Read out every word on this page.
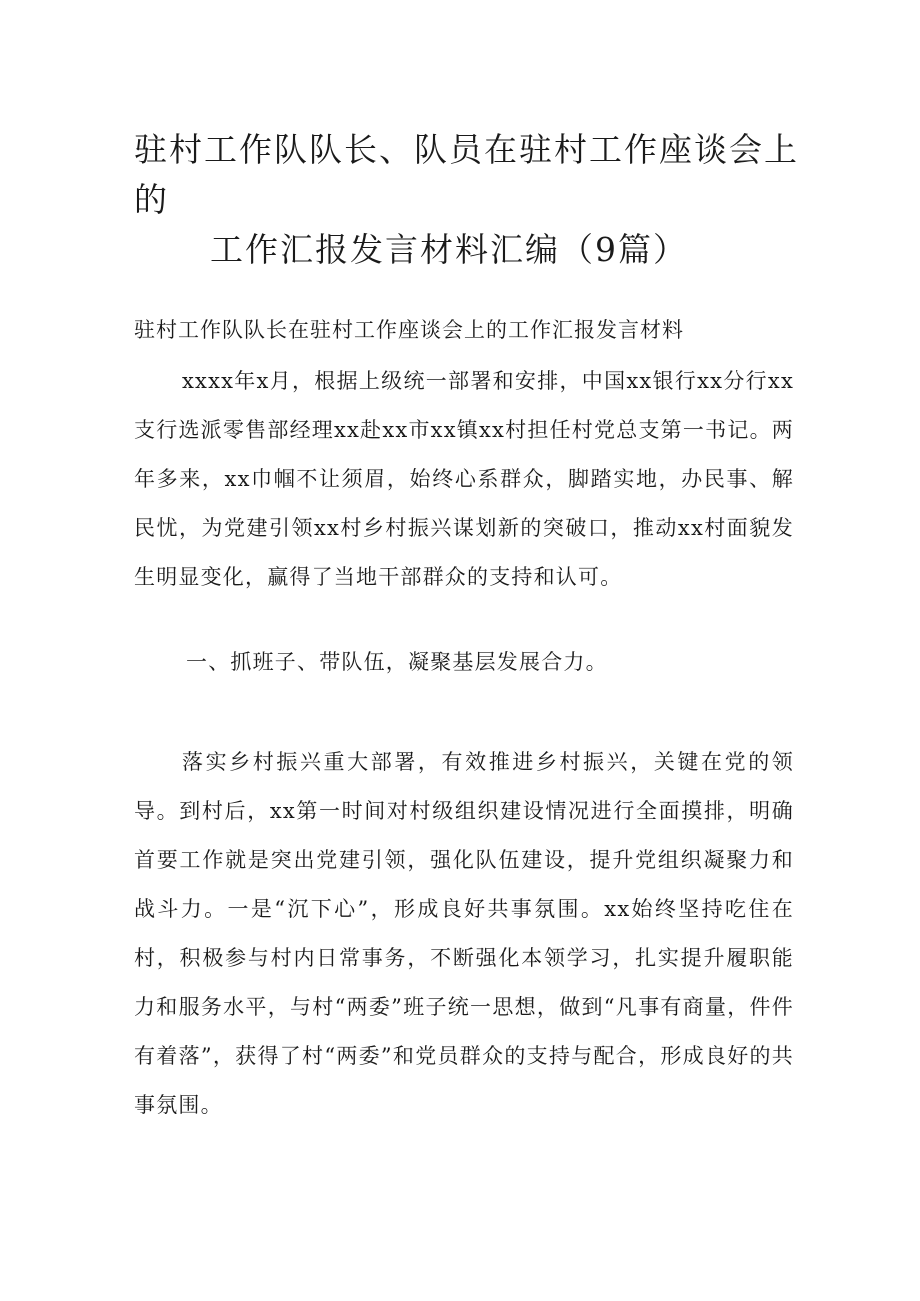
驻村工作队队长、队员在驻村工作座谈会上的
工作汇报发言材料汇编（9篇）

驻村工作队队长在驻村工作座谈会上的工作汇报发言材料

xxxx年x月，根据上级统一部署和安排，中国xx银行xx分行xx支行选派零售部经理xx赴xx市xx镇xx村担任村党总支第一书记。两年多来，xx巾帼不让须眉，始终心系群众，脚踏实地，办民事、解民忧，为党建引领xx村乡村振兴谋划新的突破口，推动xx村面貌发生明显变化，赢得了当地干部群众的支持和认可。

一、抓班子、带队伍，凝聚基层发展合力。

落实乡村振兴重大部署，有效推进乡村振兴，关键在党的领导。到村后，xx第一时间对村级组织建设情况进行全面摸排，明确首要工作就是突出党建引领，强化队伍建设，提升党组织凝聚力和战斗力。一是“沉下心”，形成良好共事氛围。xx始终坚持吃住在村，积极参与村内日常事务，不断强化本领学习，扎实提升履职能力和服务水平，与村“两委”班子统一思想，做到“凡事有商量，件件有着落”，获得了村“两委”和党员群众的支持与配合，形成良好的共事氛围。
